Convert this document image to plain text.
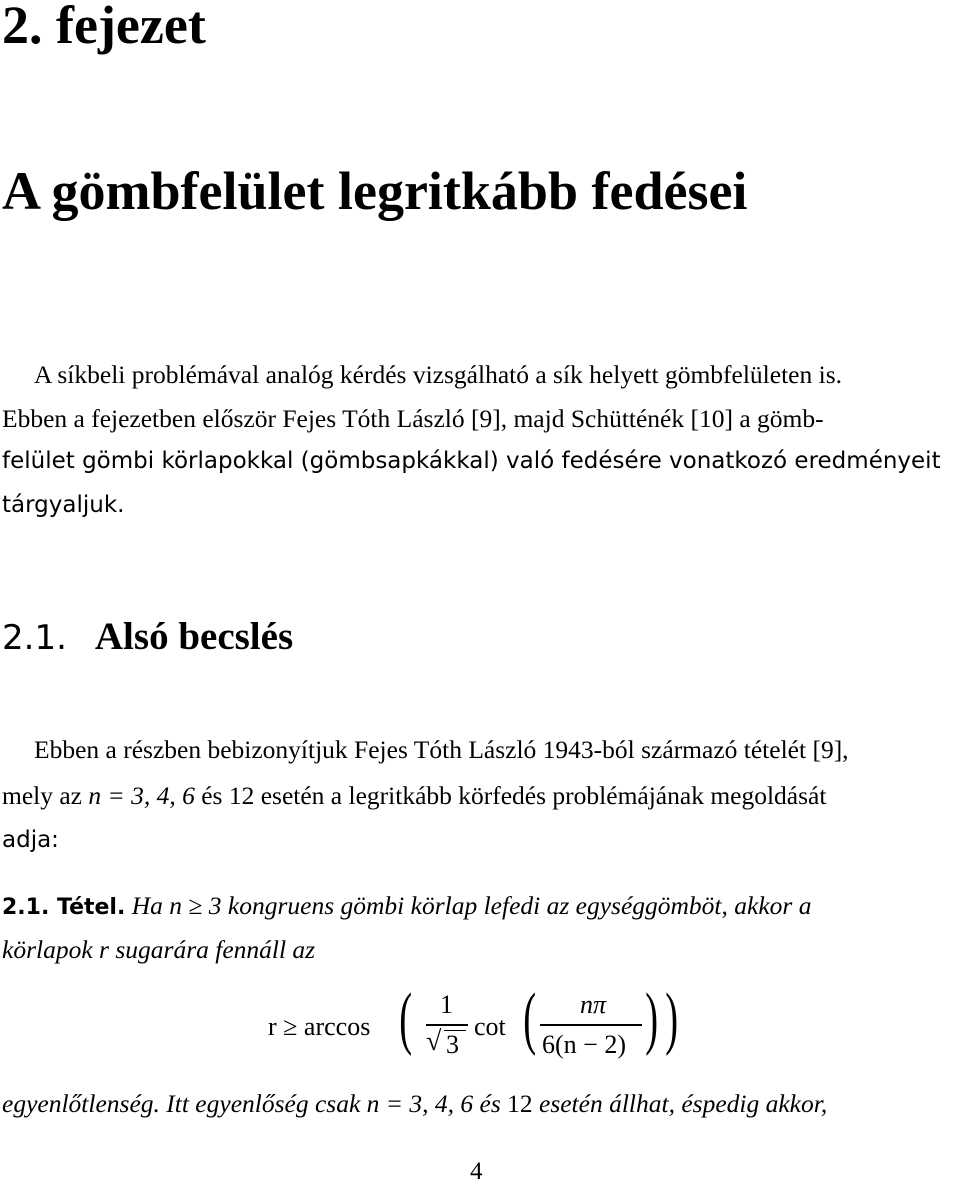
2. fejezet
A gömbfelület legritkább fedései
A síkbeli problémával analóg kérdés vizsgálható a sík helyett gömbfelületen is.
Ebben a fejezetben először Fejes Tóth László [9], majd Schütténék [10] a gömb-
felület gömbi körlapokkal (gömbsapkákkal) való fedésére vonatkozó eredményeit
tárgyaljuk.
2.1. Alsó becslés
Ebben a részben bebizonyítjuk Fejes Tóth László 1943-ból származó tételét [9],
mely az n = 3, 4, 6 és 12 esetén a legritkább körfedés problémájának megoldását
adja:
2.1. Tétel. Ha n ≥ 3 kongruens gömbi körlap lefedi az egységgömböt, akkor a
körlapok r sugarára fennáll az
r ≥ arccos ( 1
√ 3
cot ( nπ
6(n − 2) ) )
egyenlőtlenség. Itt egyenlőség csak n = 3, 4, 6 és 12 esetén állhat, éspedig akkor,
4
